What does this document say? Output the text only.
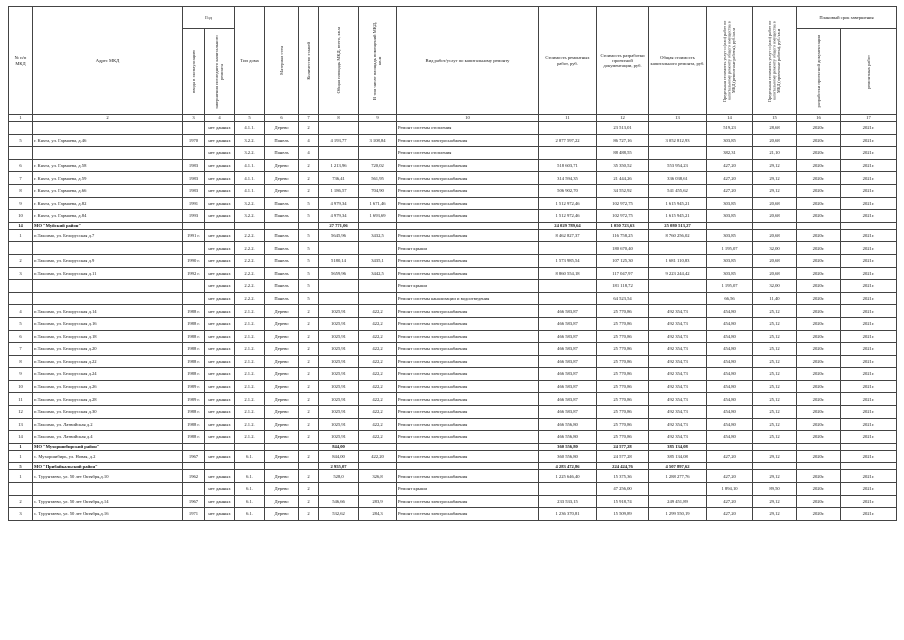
№ п/п МКД	Адрес МКД	Год		Тип дома	Материал стен	Количество этажей	Общая площадь МКД, всего, кв.м	В том числе площадь помещений МКД, кв.м	Вид работ/услуг по капитальному ремонту	Стоимость ремонтных работ, руб.	Стоимость разработки проектной документации, руб.	Общая стоимость капитального ремонта, руб.	Предельная стоимость услуг и (или) работ по капитальному ремонту общего имущества в МКД (ремонтные работы), руб./кв.м	Предельная стоимость услуг и (или) работ по капитальному ремонту общего имущества в МКД (проектные работы), руб./кв.м	Плановый срок завершения	

		ввода в эксплуатацию	завершения последнего капитального ремонта												разработки проектной документации	ремонтных работ

1	2	3	4	5	6	7	8	9	10	11	12	13	14	15	16	17
			нет данных	4.1.1.	Дерево	2			Ремонт системы отопления		23 513,01		519,23	28,68	2020г.	2021г.
5	г. Кяхта, ул. Гармаева, д.46	1970	нет данных	3.2.2.	Панель	4	4 193,77	3 108,84	Ремонт системы электроснабжения	2 877 597,22	86 727,16	3 052 812,93	303,85	20,68	2020г.	2021г.
			нет данных	3.2.2.	Панель	4			Ремонт системы отопления		88 488,55		382,31	21,10	2020г.	2021г.
6	г. Кяхта, ул. Гармаева, д.58	1983	нет данных	4.1.1.	Дерево	2	1 213,96	720,02	Ремонт системы электроснабжения	518 603,71	35 350,52	553 954,23	427,20	29,12	2020г.	2021г.
7	г. Кяхта, ул. Гармаева, д.59	1983	нет данных	4.1.1.	Дерево	2	736,41	561,95	Ремонт системы электроснабжения	314 594,35	21 444,26	336 038,61	427,20	29,12	2020г.	2021г.
8	г. Кяхта, ул. Гармаева, д.66	1983	нет данных	4.1.1.	Дерево	2	1 186,57	704,90	Ремонт системы электроснабжения	506 902,70	34 552,92	541 455,62	427,20	29,12	2020г.	2021г.
9	г. Кяхта, ул. Гармаева, д.82	1991	нет данных	3.2.2.	Панель	5	4 979,34	1 671,46	Ремонт системы электроснабжения	1 512 972,46	102 972,75	1 615 945,21	303,85	20,68	2020г.	2021г.
10	г. Кяхта, ул. Гармаева, д.84	1993	нет данных	3.2.2.	Панель	5	4 979,34	1 693,69	Ремонт системы электроснабжения	1 512 972,46	102 972,75	1 615 945,21	303,85	20,68	2020г.	2021г.
14	МО "Муйский район"						27 771,06			24 029 789,64	1 050 723,63	25 080 513,27				
1	п.Таксимо, ул. Белорусская д.7	1991 г.	нет данных	2.2.2.	Панель	5	5645,96	3432,5	Ремонт системы электроснабжения	8 462 827,37	116 758,25	8 760 256,02	303,85	20,68	2020г.	2021г.
			нет данных	2.2.2.	Панель	5			Ремонт крыши		180 670,40		1 195,07	32,00	2020г.	2021г.
2	п.Таксимо, ул. Белорусская д.9	1990 г.	нет данных	2.2.2.	Панель	5	5180,14	3435,1	Ремонт системы электроснабжения	1 573 985,54	107 125,30	1 681 110,83	303,85	20,68	2020г.	2021г.
3	п.Таксимо, ул. Белорусская д.11	1992 г.	нет данных	2.2.2.	Панель	5	5659,96	3442,5	Ремонт системы электроснабжения	8 860 554,18	117 047,97	9 223 244,42	303,85	20,68	2020г.	2021г.
			нет данных	2.2.2.	Панель	5			Ремонт крыши		181 118,72		1 195,07	32,00	2020г.	2021г.
			нет данных	2.2.2.	Панель	5			Ремонт системы канализации и водоотведения		64 523,54		66,56	11,40	2020г.	2021г.
4	п.Таксимо, ул. Белорусская д.14	1988 г.	нет данных	2.1.2.	Дерево	2	1025,91	422,2	Ремонт системы электроснабжения	466 583,87	25 770,86	492 354,73	454,80	25,12	2020г.	2021г.
5	п.Таксимо, ул. Белорусская д.16	1988 г.	нет данных	2.1.2.	Дерево	2	1025,91	422,2	Ремонт системы электроснабжения	466 583,87	25 770,86	492 354,73	454,80	25,12	2020г.	2021г.
6	п.Таксимо, ул. Белорусская д.18	1988 г.	нет данных	2.1.2.	Дерево	2	1025,91	422,2	Ремонт системы электроснабжения	466 583,87	25 770,86	492 354,73	454,80	25,12	2020г.	2021г.
7	п.Таксимо, ул. Белорусская д.20	1988 г.	нет данных	2.1.2.	Дерево	2	1025,91	422,2	Ремонт системы электроснабжения	466 583,87	25 770,86	492 354,73	454,80	25,12	2020г.	2021г.
8	п.Таксимо, ул. Белорусская д.22	1988 г.	нет данных	2.1.2.	Дерево	2	1025,91	422,2	Ремонт системы электроснабжения	466 583,87	25 770,86	492 354,73	454,80	25,12	2020г.	2021г.
9	п.Таксимо, ул. Белорусская д.24	1988 г.	нет данных	2.1.2.	Дерево	2	1025,91	422,2	Ремонт системы электроснабжения	466 583,87	25 770,86	492 354,73	454,80	25,12	2020г.	2021г.
10	п.Таксимо, ул. Белорусская д.26	1989 г.	нет данных	2.1.2.	Дерево	2	1025,91	422,2	Ремонт системы электроснабжения	466 583,87	25 770,86	492 354,73	454,80	25,12	2020г.	2021г.
11	п.Таксимо, ул. Белорусская д.28	1989 г.	нет данных	2.1.2.	Дерево	2	1025,91	422,2	Ремонт системы электроснабжения	466 583,87	25 770,86	492 354,73	454,80	25,12	2020г.	2021г.
12	п.Таксимо, ул. Белорусская д.30	1988 г.	нет данных	2.1.2.	Дерево	2	1025,91	422,2	Ремонт системы электроснабжения	466 583,87	25 770,86	492 354,73	454,80	25,12	2020г.	2021г.
13	п.Таксимо, ул. Латвийская д.2	1988 г.	нет данных	2.1.2.	Дерево	2	1025,91	422,2	Ремонт системы электроснабжения	466 556,80	25 770,86	492 354,73	454,80	25,12	2020г.	2021г.
14	п.Таксимо, ул. Латвийская д.4	1988 г.	нет данных	2.1.2.	Дерево	2	1025,91	422,2	Ремонт системы электроснабжения	466 556,80	25 770,86	492 354,73	454,80	25,12	2020г.	2021г.
1	МО "Мухоршибирский район"						844,00			360 556,80	24 577,28	385 134,08				
1	с. Мухоршибирь, ул. Новая, д.2	1967	нет данных	6.1.	Дерево	2	844,00	422,20	Ремонт системы электроснабжения	360 556,80	24 577,28	385 134,08	427,20	29,12	2020г.	2021г.
5	МО "Прибайкальский район"						2 955,07			4 283 472,86	224 424,76	4 507 897,62				
1	с. Турунтаево, ул. 50 лет Октября,д.10	1962	нет данных	6.1.	Дерево	2	528,0	326,8	Ремонт системы электроснабжения	1 225 646,40	15 375,36	1 288 277,76	427,20	29,12	2020г.	2021г.
			нет данных	6.1.	Дерево	2			Ремонт крыши		47 256,00		1 894,10	89,50	2020г.	2021г.
2	с. Турунтаево, ул. 50 лет Октября,д.14	1967	нет данных	6.1.	Дерево	2	546,66	283,9	Ремонт системы электроснабжения	233 533,15	15 918,74	249 451,89	427,20	29,12	2020г.	2021г.
3	с. Турунтаево, ул. 50 лет Октября,д.16	1971	нет данных	6.1.	Дерево	2	532,62	284,3	Ремонт системы электроснабжения	1 236 370,81	15 509,89	1 299 550,19	427,20	29,12	2020г.	2021г.
